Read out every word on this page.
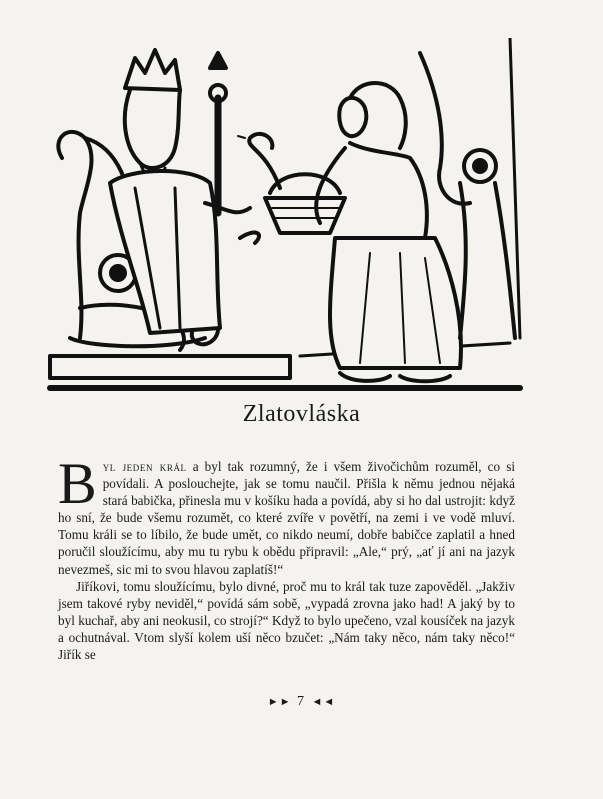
Zlatovláska

Byl jeden král a byl tak rozumný, že i všem živočichům rozuměl, co si povídali. A poslouchejte, jak se tomu naučil. Přišla k němu jednou nějaká stará babička, přinesla mu v košíku hada a povídá, aby si ho dal ustrojit: když ho sní, že bude všemu rozumět, co které zvíře v povětří, na zemi i ve vodě mluví. Tomu králi se to líbilo, že bude umět, co nikdo neumí, dobře babičce zaplatil a hned poručil sloužícímu, aby mu tu rybu k obědu připravil: „Ale,“ prý, „ať jí ani na jazyk nevezmeš, sic mi to svou hlavou zaplatíš!“

Jiříkovi, tomu sloužícímu, bylo divné, proč mu to král tak tuze zapověděl. „Jakživ jsem takové ryby neviděl,“ povídá sám sobě, „vypadá zrovna jako had! A jaký by to byl kuchař, aby ani neokusil, co strojí?“ Když to bylo upečeno, vzal kousíček na jazyk a ochutnával. Vtom slyší kolem uší něco bzučet: „Nám taky něco, nám taky něco!“ Jiřík se

►► 7 ◄◄
